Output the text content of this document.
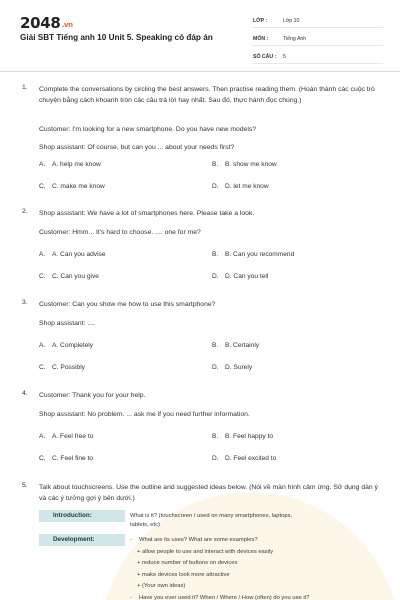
2048.vn
Giải SBT Tiếng anh 10 Unit 5. Speaking có đáp án
LỚP :	Lớp 10
MÔN :	Tiếng Anh
SỐ CÂU :	5
1. Complete the conversations by circling the best answers. Then practise reading them. (Hoàn thành các cuộc trò chuyện bằng cách khoanh tròn các câu trả lời hay nhất. Sau đó, thực hành đọc chúng.)
Customer: I'm looking for a new smartphone. Do you have new models?
Shop assistant: Of course, but can you ... about your needs first?
A. A. help me know	B. B. show me know
C. C. make me know	D. D. let me know
2. Shop assistant: We have a lot of smartphones here. Please take a look.
Customer: Hmm... It's hard to choose. .... one for me?
A. A. Can you advise	B. B. Can you recommend
C. C. Can you give	D. D. Can you tell
3. Customer: Can you show me how to use this smartphone?
Shop assistant: ....
A. A. Completely	B. B. Certainly
C. C. Possibly	D. D. Surely
4. Customer: Thank you for your help.
Shop assistant: No problem. ... ask me if you need further information.
A. A. Feel free to	B. B. Feel happy to
C. C. Feel fine to	D. D. Feel excited to
5. Talk about touchscreens. Use the outline and suggested ideas below. (Nói về màn hình cảm ứng. Sử dụng dàn ý và các ý tưởng gợi ý bên dưới.)
Introduction:	What is it? (touchscreen / used on many smartphones, laptops,
tablets, etc)
Development:	- What are its uses? What are some examples?
+ allow people to use and interact with devices easily
+ reduce number of buttons on devices
+ make devices look more attractive
+ (Your own ideas)
- Have you ever used it? When / Where / How (often) do you use it?
